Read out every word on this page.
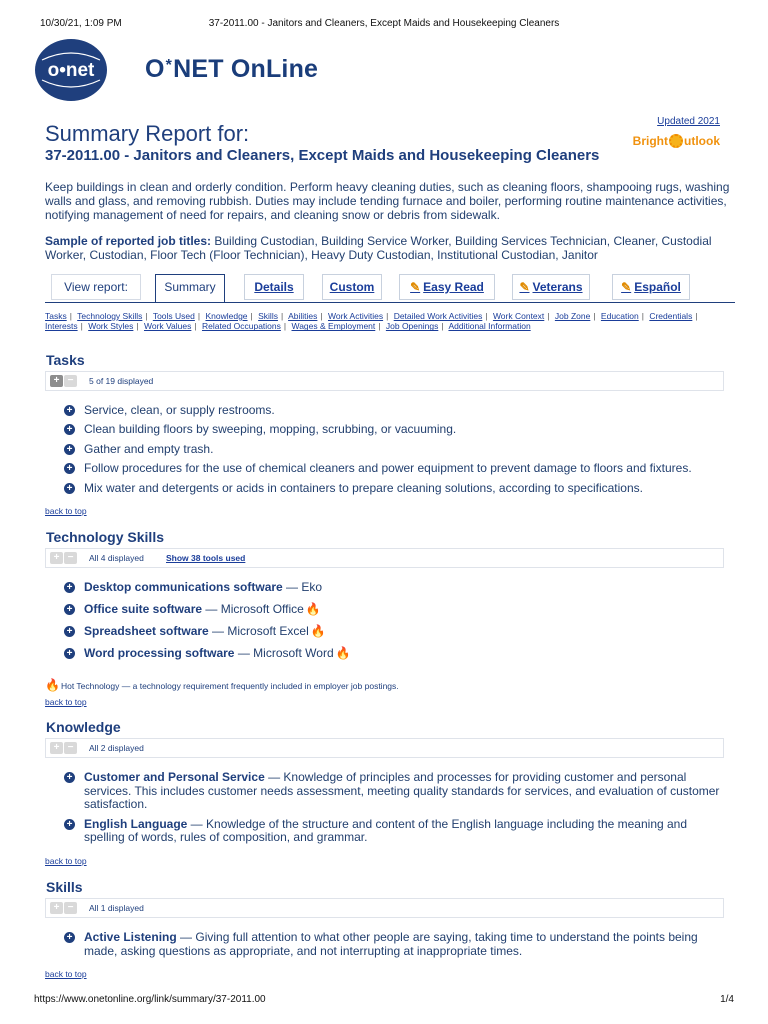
10/30/21, 1:09 PM	37-2011.00 - Janitors and Cleaners, Except Maids and Housekeeping Cleaners
o•net O*NET OnLine
Updated 2021
Bright utlook
Summary Report for:
37-2011.00 - Janitors and Cleaners, Except Maids and Housekeeping Cleaners
Keep buildings in clean and orderly condition. Perform heavy cleaning duties, such as cleaning floors, shampooing rugs, washing walls and glass, and removing rubbish. Duties may include tending furnace and boiler, performing routine maintenance activities, notifying management of need for repairs, and cleaning snow or debris from sidewalk.
Sample of reported job titles: Building Custodian, Building Service Worker, Building Services Technician, Cleaner, Custodial Worker, Custodian, Floor Tech (Floor Technician), Heavy Duty Custodian, Institutional Custodian, Janitor
View report:	Summary	Details	Custom	✎ Easy Read	✎ Veterans	✎ Español
Tasks | Technology Skills | Tools Used | Knowledge | Skills | Abilities | Work Activities | Detailed Work Activities | Work Context | Job Zone | Education | Credentials | Interests | Work Styles | Work Values | Related Occupations | Wages & Employment | Job Openings | Additional Information
Tasks
+ −	5 of 19 displayed
+ Service, clean, or supply restrooms.
+ Clean building floors by sweeping, mopping, scrubbing, or vacuuming.
+ Gather and empty trash.
+ Follow procedures for the use of chemical cleaners and power equipment to prevent damage to floors and fixtures.
+ Mix water and detergents or acids in containers to prepare cleaning solutions, according to specifications.
back to top
Technology Skills
+ −	All 4 displayed	Show 38 tools used
+ Desktop communications software — Eko
+ Office suite software — Microsoft Office 🔥
+ Spreadsheet software — Microsoft Excel 🔥
+ Word processing software — Microsoft Word 🔥
🔥Hot Technology — a technology requirement frequently included in employer job postings.
back to top
Knowledge
+ −	All 2 displayed
+ Customer and Personal Service — Knowledge of principles and processes for providing customer and personal services. This includes customer needs assessment, meeting quality standards for services, and evaluation of customer satisfaction.
+ English Language — Knowledge of the structure and content of the English language including the meaning and spelling of words, rules of composition, and grammar.
back to top
Skills
+ −	All 1 displayed
+ Active Listening — Giving full attention to what other people are saying, taking time to understand the points being made, asking questions as appropriate, and not interrupting at inappropriate times.
back to top
https://www.onetonline.org/link/summary/37-2011.00	1/4
